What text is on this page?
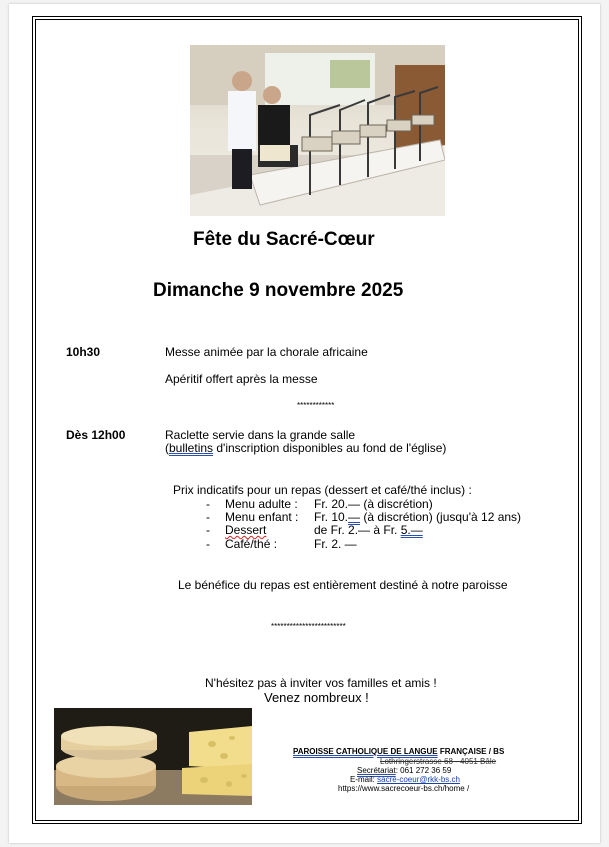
Fête du Sacré-Cœur
Dimanche 9 novembre 2025
10h30	Messe animée par la chorale africaine
Apéritif offert après la messe
************
Dès 12h00	Raclette servie dans la grande salle
(bulletins d'inscription disponibles au fond de l'église)
Prix indicatifs pour un repas (dessert et café/thé inclus) :
- Menu adulte : Fr. 20.— (à discrétion)
- Menu enfant : Fr. 10.— (à discrétion) (jusqu'à 12 ans)
- Dessert	de Fr. 2.— à Fr. 5.—
- Café/thé :	Fr. 2. —
Le bénéfice du repas est entièrement destiné à notre paroisse
************************
N'hésitez pas à inviter vos familles et amis !
Venez nombreux !
PAROISSE CATHOLIQUE DE LANGUE FRANÇAISE / BS
Lothringerstrasse 68 - 4051 Bâle
Secrétariat: 061 272 36 59
E-mail: sacre-coeur@rkk-bs.ch
https://www.sacrecoeur-bs.ch/home /
